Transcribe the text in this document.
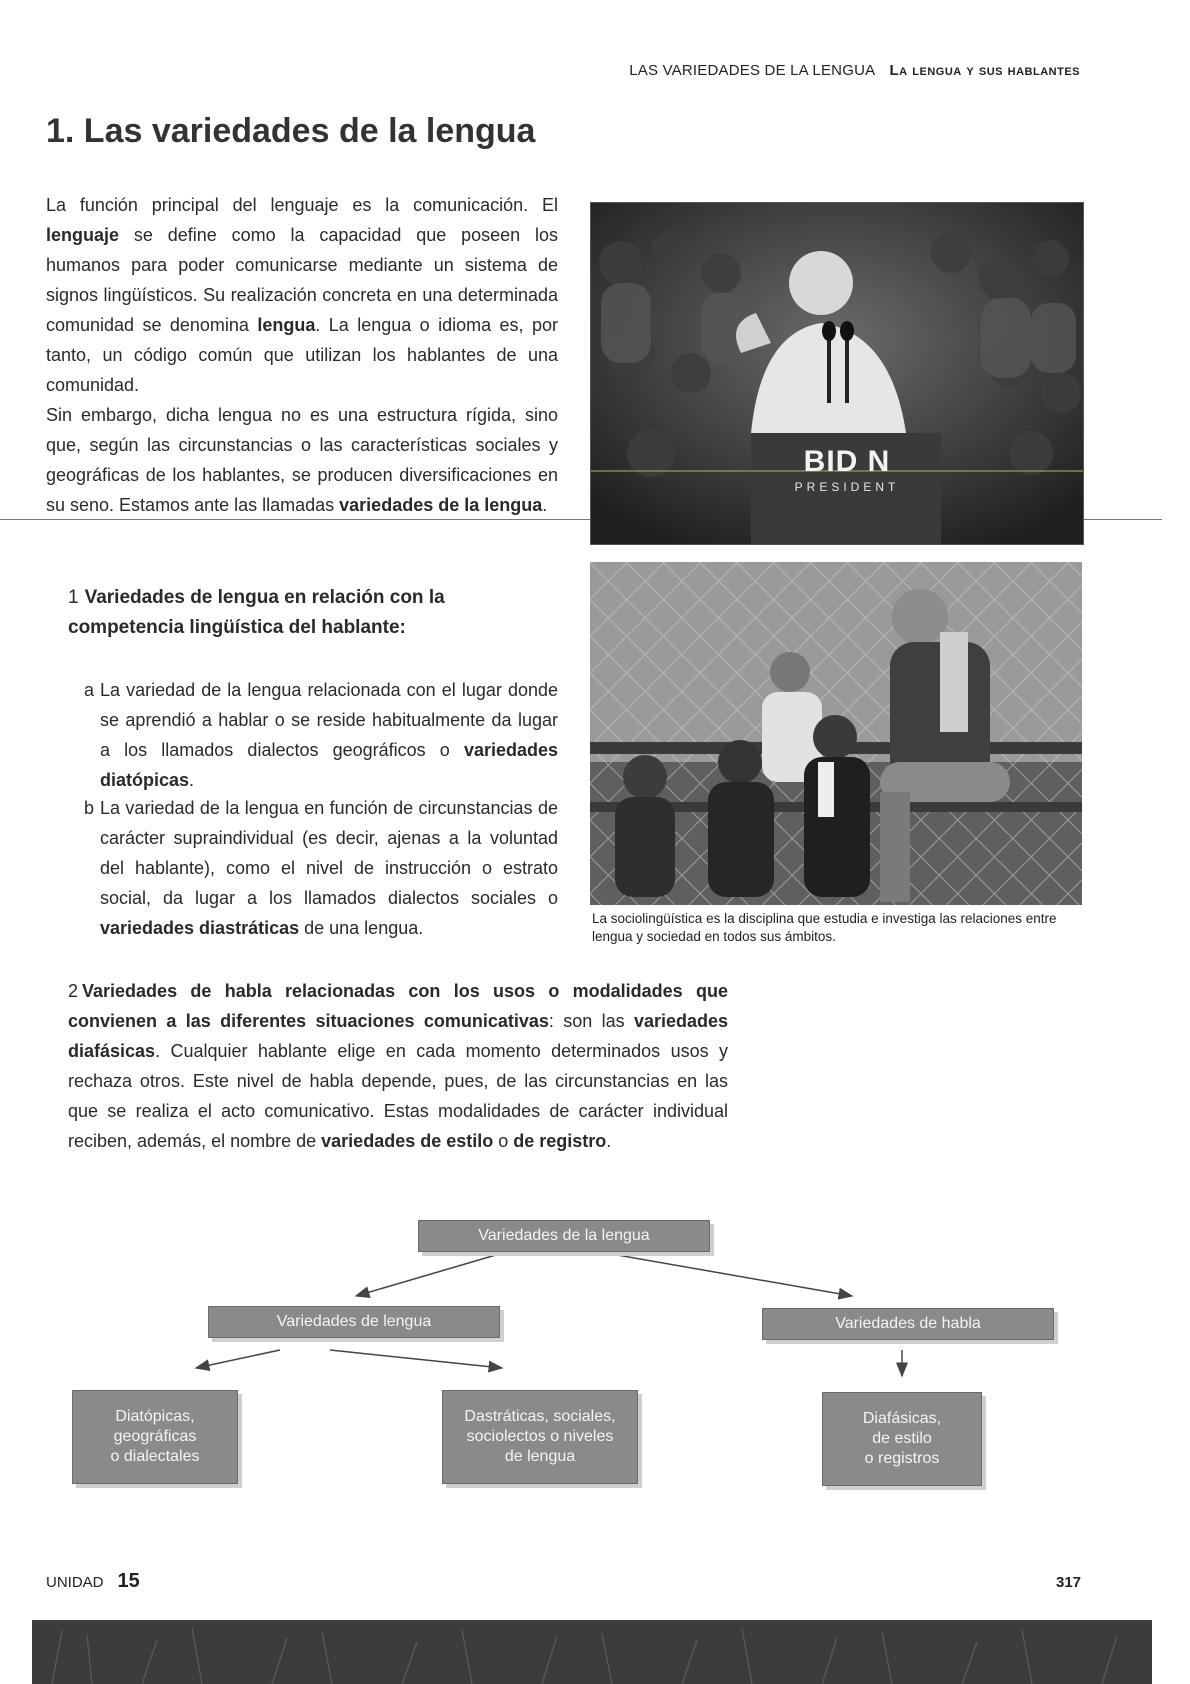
LAS VARIEDADES DE LA LENGUA La lengua y sus hablantes
1. Las variedades de la lengua
La función principal del lenguaje es la comunicación. El lenguaje se define como la capacidad que poseen los humanos para poder comunicarse mediante un sistema de signos lingüísticos. Su realización concreta en una determinada comunidad se denomina lengua. La lengua o idioma es, por tanto, un código común que utilizan los hablantes de una comunidad.
Sin embargo, dicha lengua no es una estructura rígida, sino que, según las circunstancias o las características sociales y geográficas de los hablantes, se producen diversificaciones en su seno. Estamos ante las llamadas variedades de la lengua.
1 Variedades de lengua en relación con la competencia lingüística del hablante:
a La variedad de la lengua relacionada con el lugar donde se aprendió a hablar o se reside habitualmente da lugar a los llamados dialectos geográficos o variedades diatópicas.
b La variedad de la lengua en función de circunstancias de carácter supraindividual (es decir, ajenas a la voluntad del hablante), como el nivel de instrucción o estrato social, da lugar a los llamados dialectos sociales o variedades diastráticas de una lengua.
2 Variedades de habla relacionadas con los usos o modalidades que convienen a las diferentes situaciones comunicativas: son las variedades diafásicas. Cualquier hablante elige en cada momento determinados usos y rechaza otros. Este nivel de habla depende, pues, de las circunstancias en las que se realiza el acto comunicativo. Estas modalidades de carácter individual reciben, además, el nombre de variedades de estilo o de registro.
BID N
PRESIDENT
La sociolingüística es la disciplina que estudia e investiga las relaciones entre lengua y sociedad en todos sus ámbitos.
Variedades de la lengua
Variedades de lengua	Variedades de habla
Diatópicas,
geográficas
o dialectales
Dastráticas, sociales,
sociolectos o niveles
de lengua
Diafásicas,
de estilo
o registros
UNIDAD 15	317
